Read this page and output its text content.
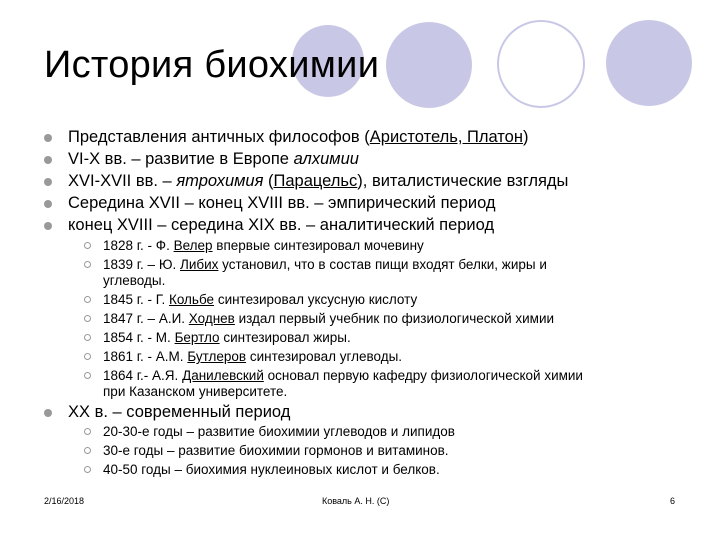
История биохимии
Представления античных философов (Аристотель, Платон)
VI-X вв. – развитие в Европе алхимии
XVI-XVII вв. – ятрохимия (Парацельс), виталистические взгляды
Середина XVII – конец XVIII вв. – эмпирический период
конец XVIII – середина XIX вв. – аналитический период
1828 г. - Ф. Велер впервые синтезировал мочевину
1839 г. – Ю. Либих установил, что в состав пищи входят белки, жиры и
углеводы.
1845 г. - Г. Кольбе синтезировал уксусную кислоту
1847 г. – А.И. Ходнев издал первый учебник по физиологической химии
1854 г. - М. Бертло синтезировал жиры.
1861 г. - А.М. Бутлеров синтезировал углеводы.
1864 г.- А.Я. Данилевский основал первую кафедру физиологической химии
при Казанском университете.
XX в. – современный период
20-30-е годы – развитие биохимии углеводов и липидов
30-е годы – развитие биохимии гормонов и витаминов.
40-50 годы – биохимия нуклеиновых кислот и белков.
2/16/2018	Коваль А. Н. (C)	6
